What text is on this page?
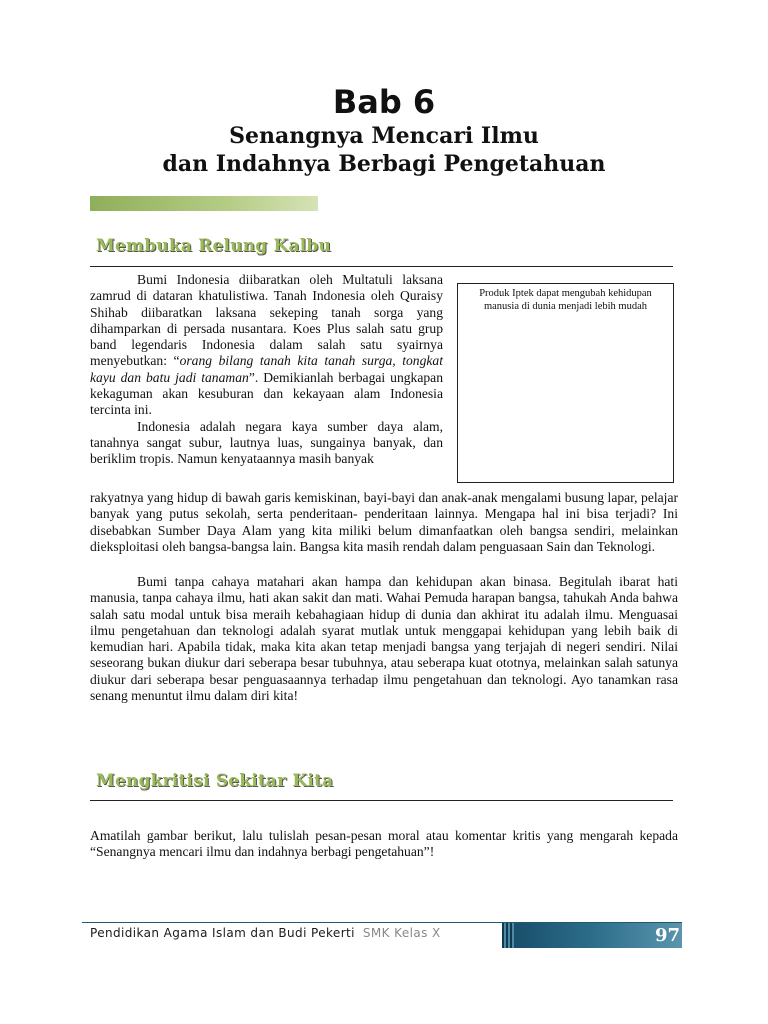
Bab 6
Senangnya Mencari Ilmu
dan Indahnya Berbagi Pengetahuan
Membuka Relung Kalbu

Bumi Indonesia diibaratkan oleh Multatuli laksana zamrud di dataran khatulistiwa. Tanah Indonesia oleh Quraisy Shihab diibaratkan laksana sekeping tanah sorga yang dihamparkan di persada nusantara. Koes Plus salah satu grup band legendaris Indonesia dalam salah satu syairnya menyebutkan: “orang bilang tanah kita tanah surga, tongkat kayu dan batu jadi tanaman”. Demikianlah berbagai ungkapan kekaguman akan kesuburan dan kekayaan alam Indonesia tercinta ini.

Indonesia adalah negara kaya sumber daya alam, tanahnya sangat subur, lautnya luas, sungainya banyak, dan beriklim tropis. Namun kenyataannya masih banyak

Produk Iptek dapat mengubah kehidupan manusia di dunia menjadi lebih mudah

rakyatnya yang hidup di bawah garis kemiskinan, bayi-bayi dan anak-anak mengalami busung lapar, pelajar banyak yang putus sekolah, serta penderitaan- penderitaan lainnya. Mengapa hal ini bisa terjadi? Ini disebabkan Sumber Daya Alam yang kita miliki belum dimanfaatkan oleh bangsa sendiri, melainkan dieksploitasi oleh bangsa-bangsa lain. Bangsa kita masih rendah dalam penguasaan Sain dan Teknologi.

Bumi tanpa cahaya matahari akan hampa dan kehidupan akan binasa. Begitulah ibarat hati manusia, tanpa cahaya ilmu, hati akan sakit dan mati. Wahai Pemuda harapan bangsa, tahukah Anda bahwa salah satu modal untuk bisa meraih kebahagiaan hidup di dunia dan akhirat itu adalah ilmu. Menguasai ilmu pengetahuan dan teknologi adalah syarat mutlak untuk menggapai kehidupan yang lebih baik di kemudian hari. Apabila tidak, maka kita akan tetap menjadi bangsa yang terjajah di negeri sendiri. Nilai seseorang bukan diukur dari seberapa besar tubuhnya, atau seberapa kuat ototnya, melainkan salah satunya diukur dari seberapa besar penguasaannya terhadap ilmu pengetahuan dan teknologi. Ayo tanamkan rasa senang menuntut ilmu dalam diri kita!

Mengkritisi Sekitar Kita

Amatilah gambar berikut, lalu tulislah pesan-pesan moral atau komentar kritis yang mengarah kepada “Senangnya mencari ilmu dan indahnya berbagi pengetahuan”!

Pendidikan Agama Islam dan Budi Pekerti SMK Kelas X	97
